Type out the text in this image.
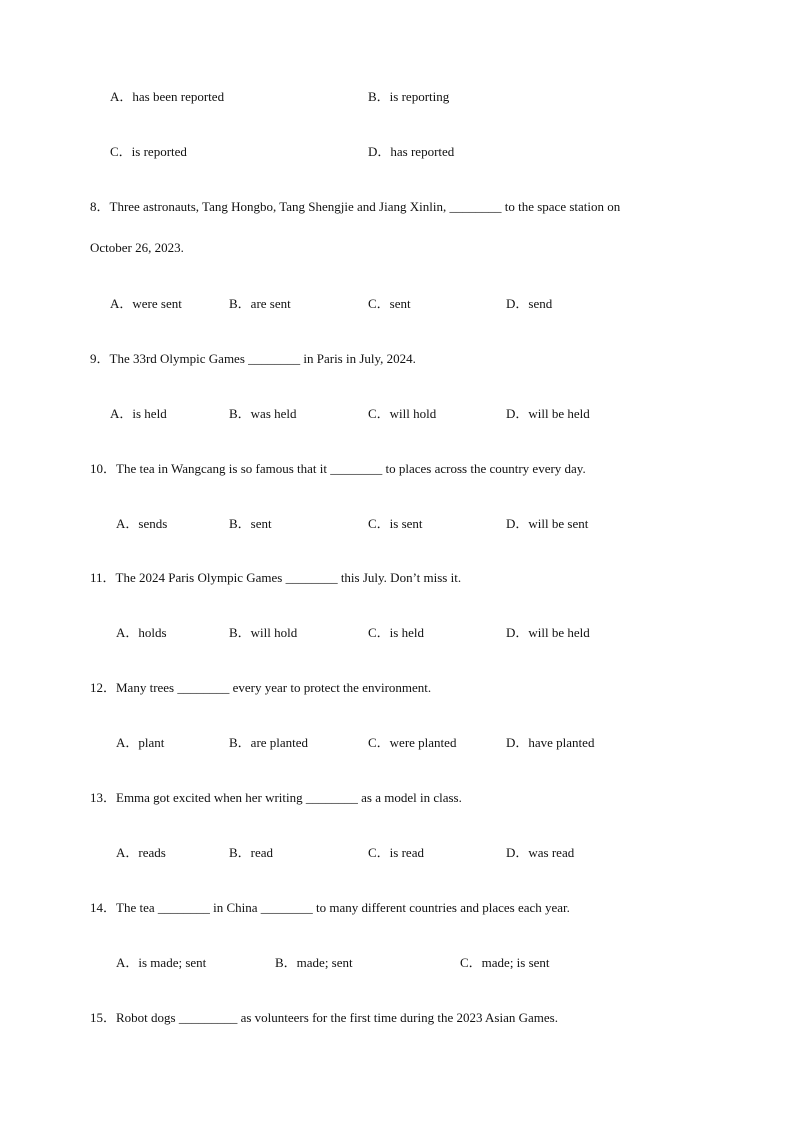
A．has been reported	B．is reporting
C．is reported	D．has reported
8．Three astronauts, Tang Hongbo, Tang Shengjie and Jiang Xinlin, ________ to the space station on
October 26, 2023.
A．were sent	B．are sent	C．sent	D．send
9．The 33rd Olympic Games ________ in Paris in July, 2024.
A．is held	B．was held	C．will hold	D．will be held
10．The tea in Wangcang is so famous that it ________ to places across the country every day.
A．sends	B．sent	C．is sent	D．will be sent
11．The 2024 Paris Olympic Games ________ this July. Don’t miss it.
A．holds	B．will hold	C．is held	D．will be held
12．Many trees ________ every year to protect the environment.
A．plant	B．are planted	C．were planted	D．have planted
13．Emma got excited when her writing ________ as a model in class.
A．reads	B．read	C．is read	D．was read
14．The tea ________ in China ________ to many different countries and places each year.
A．is made; sent	B．made; sent	C．made; is sent
15．Robot dogs _________ as volunteers for the first time during the 2023 Asian Games.
